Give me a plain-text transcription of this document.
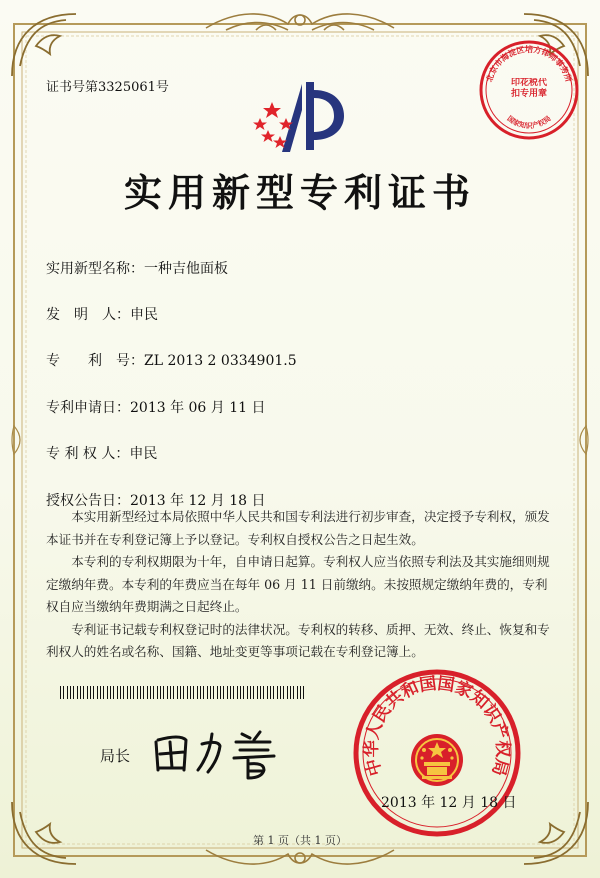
证书号第3325061号
北京市海淀区培方律师事务所
印花税代扣专用章
国家知识产权局
实用新型专利证书
实用新型名称：一种吉他面板
发　明　人：申民
专　　利　号：ZL 2013 2 0334901.5
专利申请日：2013 年 06 月 11 日
专 利 权 人：申民
授权公告日：2013 年 12 月 18 日

本实用新型经过本局依照中华人民共和国专利法进行初步审查，决定授予专利权，颁发本证书并在专利登记簿上予以登记。专利权自授权公告之日起生效。

本专利的专利权期限为十年，自申请日起算。专利权人应当依照专利法及其实施细则规定缴纳年费。本专利的年费应当在每年 06 月 11 日前缴纳。未按照规定缴纳年费的，专利权自应当缴纳年费期满之日起终止。

专利证书记载专利权登记时的法律状况。专利权的转移、质押、无效、终止、恢复和专利权人的姓名或名称、国籍、地址变更等事项记载在专利登记簿上。

局长
中华人民共和国国家知识产权局
2013 年 12 月 18 日
第 1 页（共 1 页）
